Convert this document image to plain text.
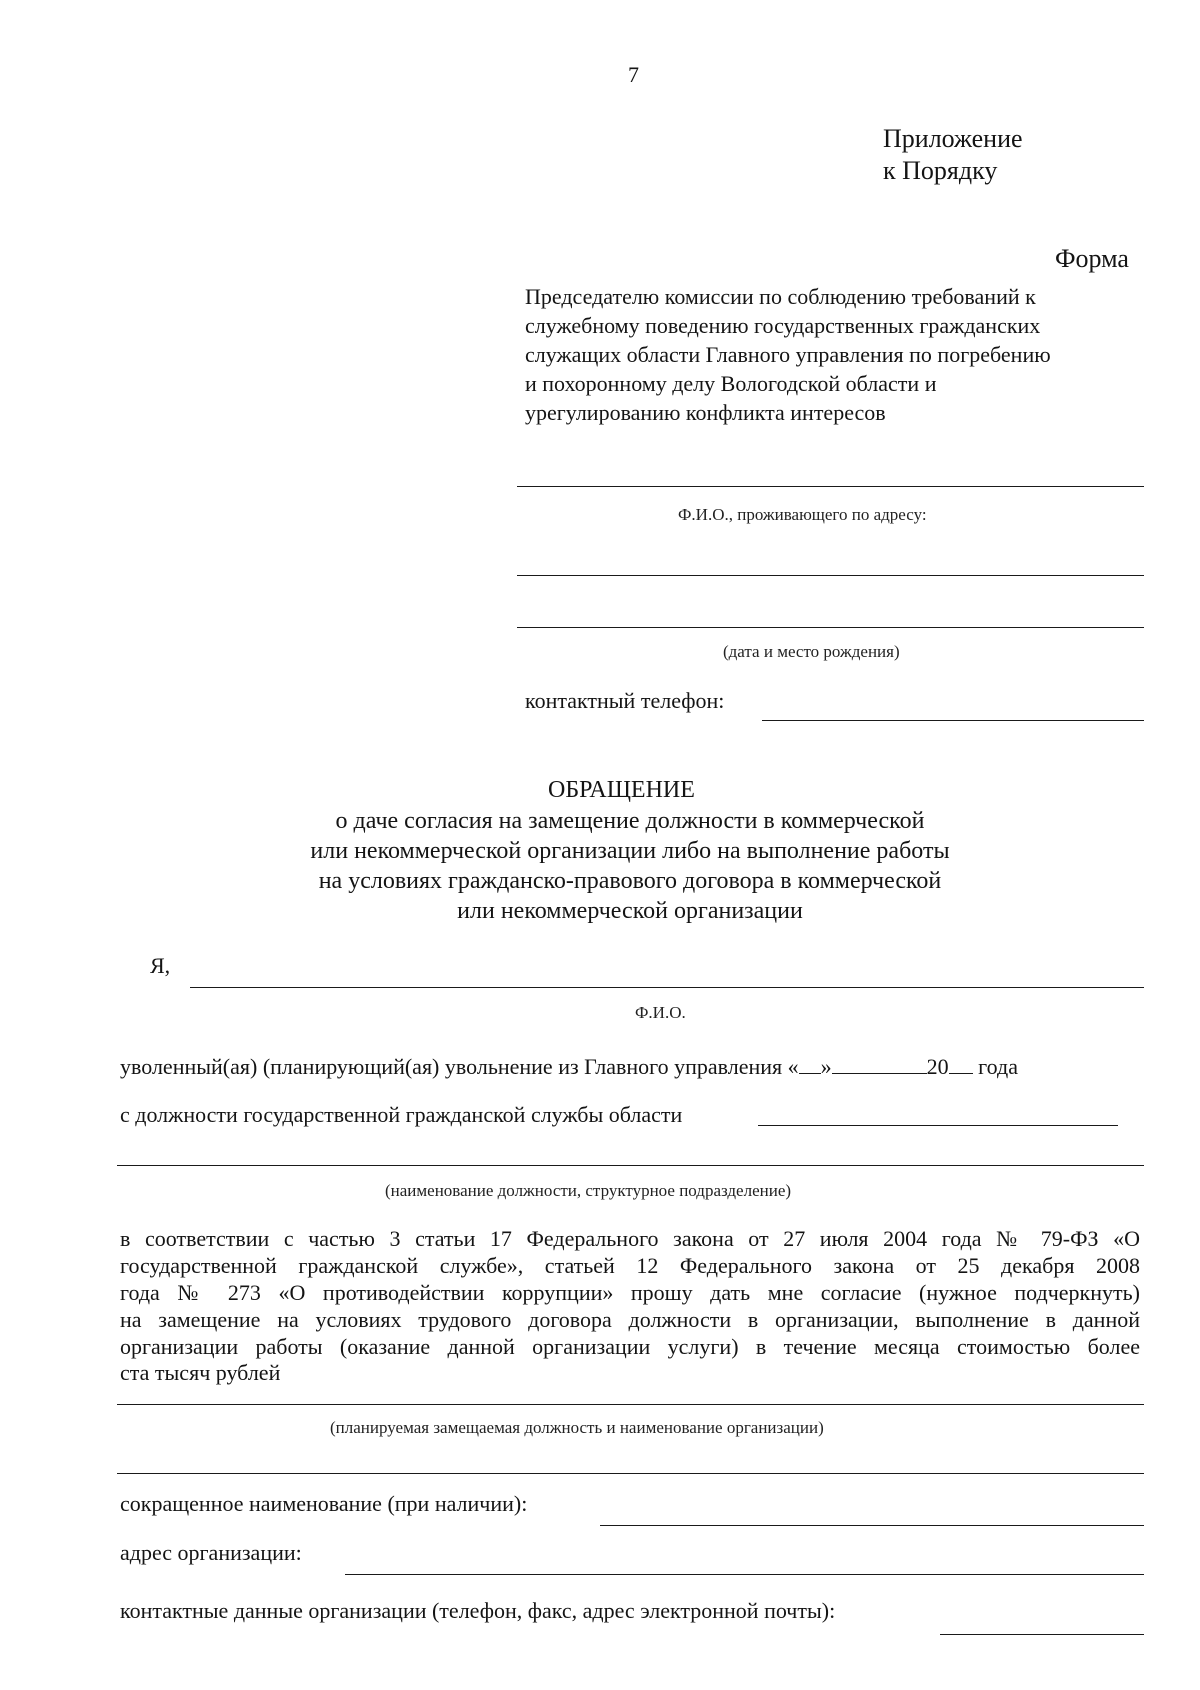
7
Приложение
к Порядку
Форма
Председателю комиссии по соблюдению требований к
служебному поведению государственных гражданских
служащих области Главного управления по погребению
и похоронному делу Вологодской области и
урегулированию конфликта интересов
Ф.И.О., проживающего по адресу:
(дата и место рождения)
контактный телефон:
ОБРАЩЕНИЕ
о даче согласия на замещение должности в коммерческой
или некоммерческой организации либо на выполнение работы
на условиях гражданско-правового договора в коммерческой
или некоммерческой организации
Я,
Ф.И.О.
уволенный(ая) (планирующий(ая) увольнение из Главного управления « »	20 года
с должности государственной гражданской службы области
(наименование должности, структурное подразделение)
в соответствии с частью 3 статьи 17 Федерального закона от 27 июля 2004 года № 79-ФЗ «О
государственной гражданской службе», статьей 12 Федерального закона от 25 декабря 2008
года № 273 «О противодействии коррупции» прошу дать мне согласие (нужное подчеркнуть)
на замещение на условиях трудового договора должности в организации, выполнение в данной
организации работы (оказание данной организации услуги) в течение месяца стоимостью более
ста тысяч рублей
(планируемая замещаемая должность и наименование организации)
сокращенное наименование (при наличии):
адрес организации:
контактные данные организации (телефон, факс, адрес электронной почты):
